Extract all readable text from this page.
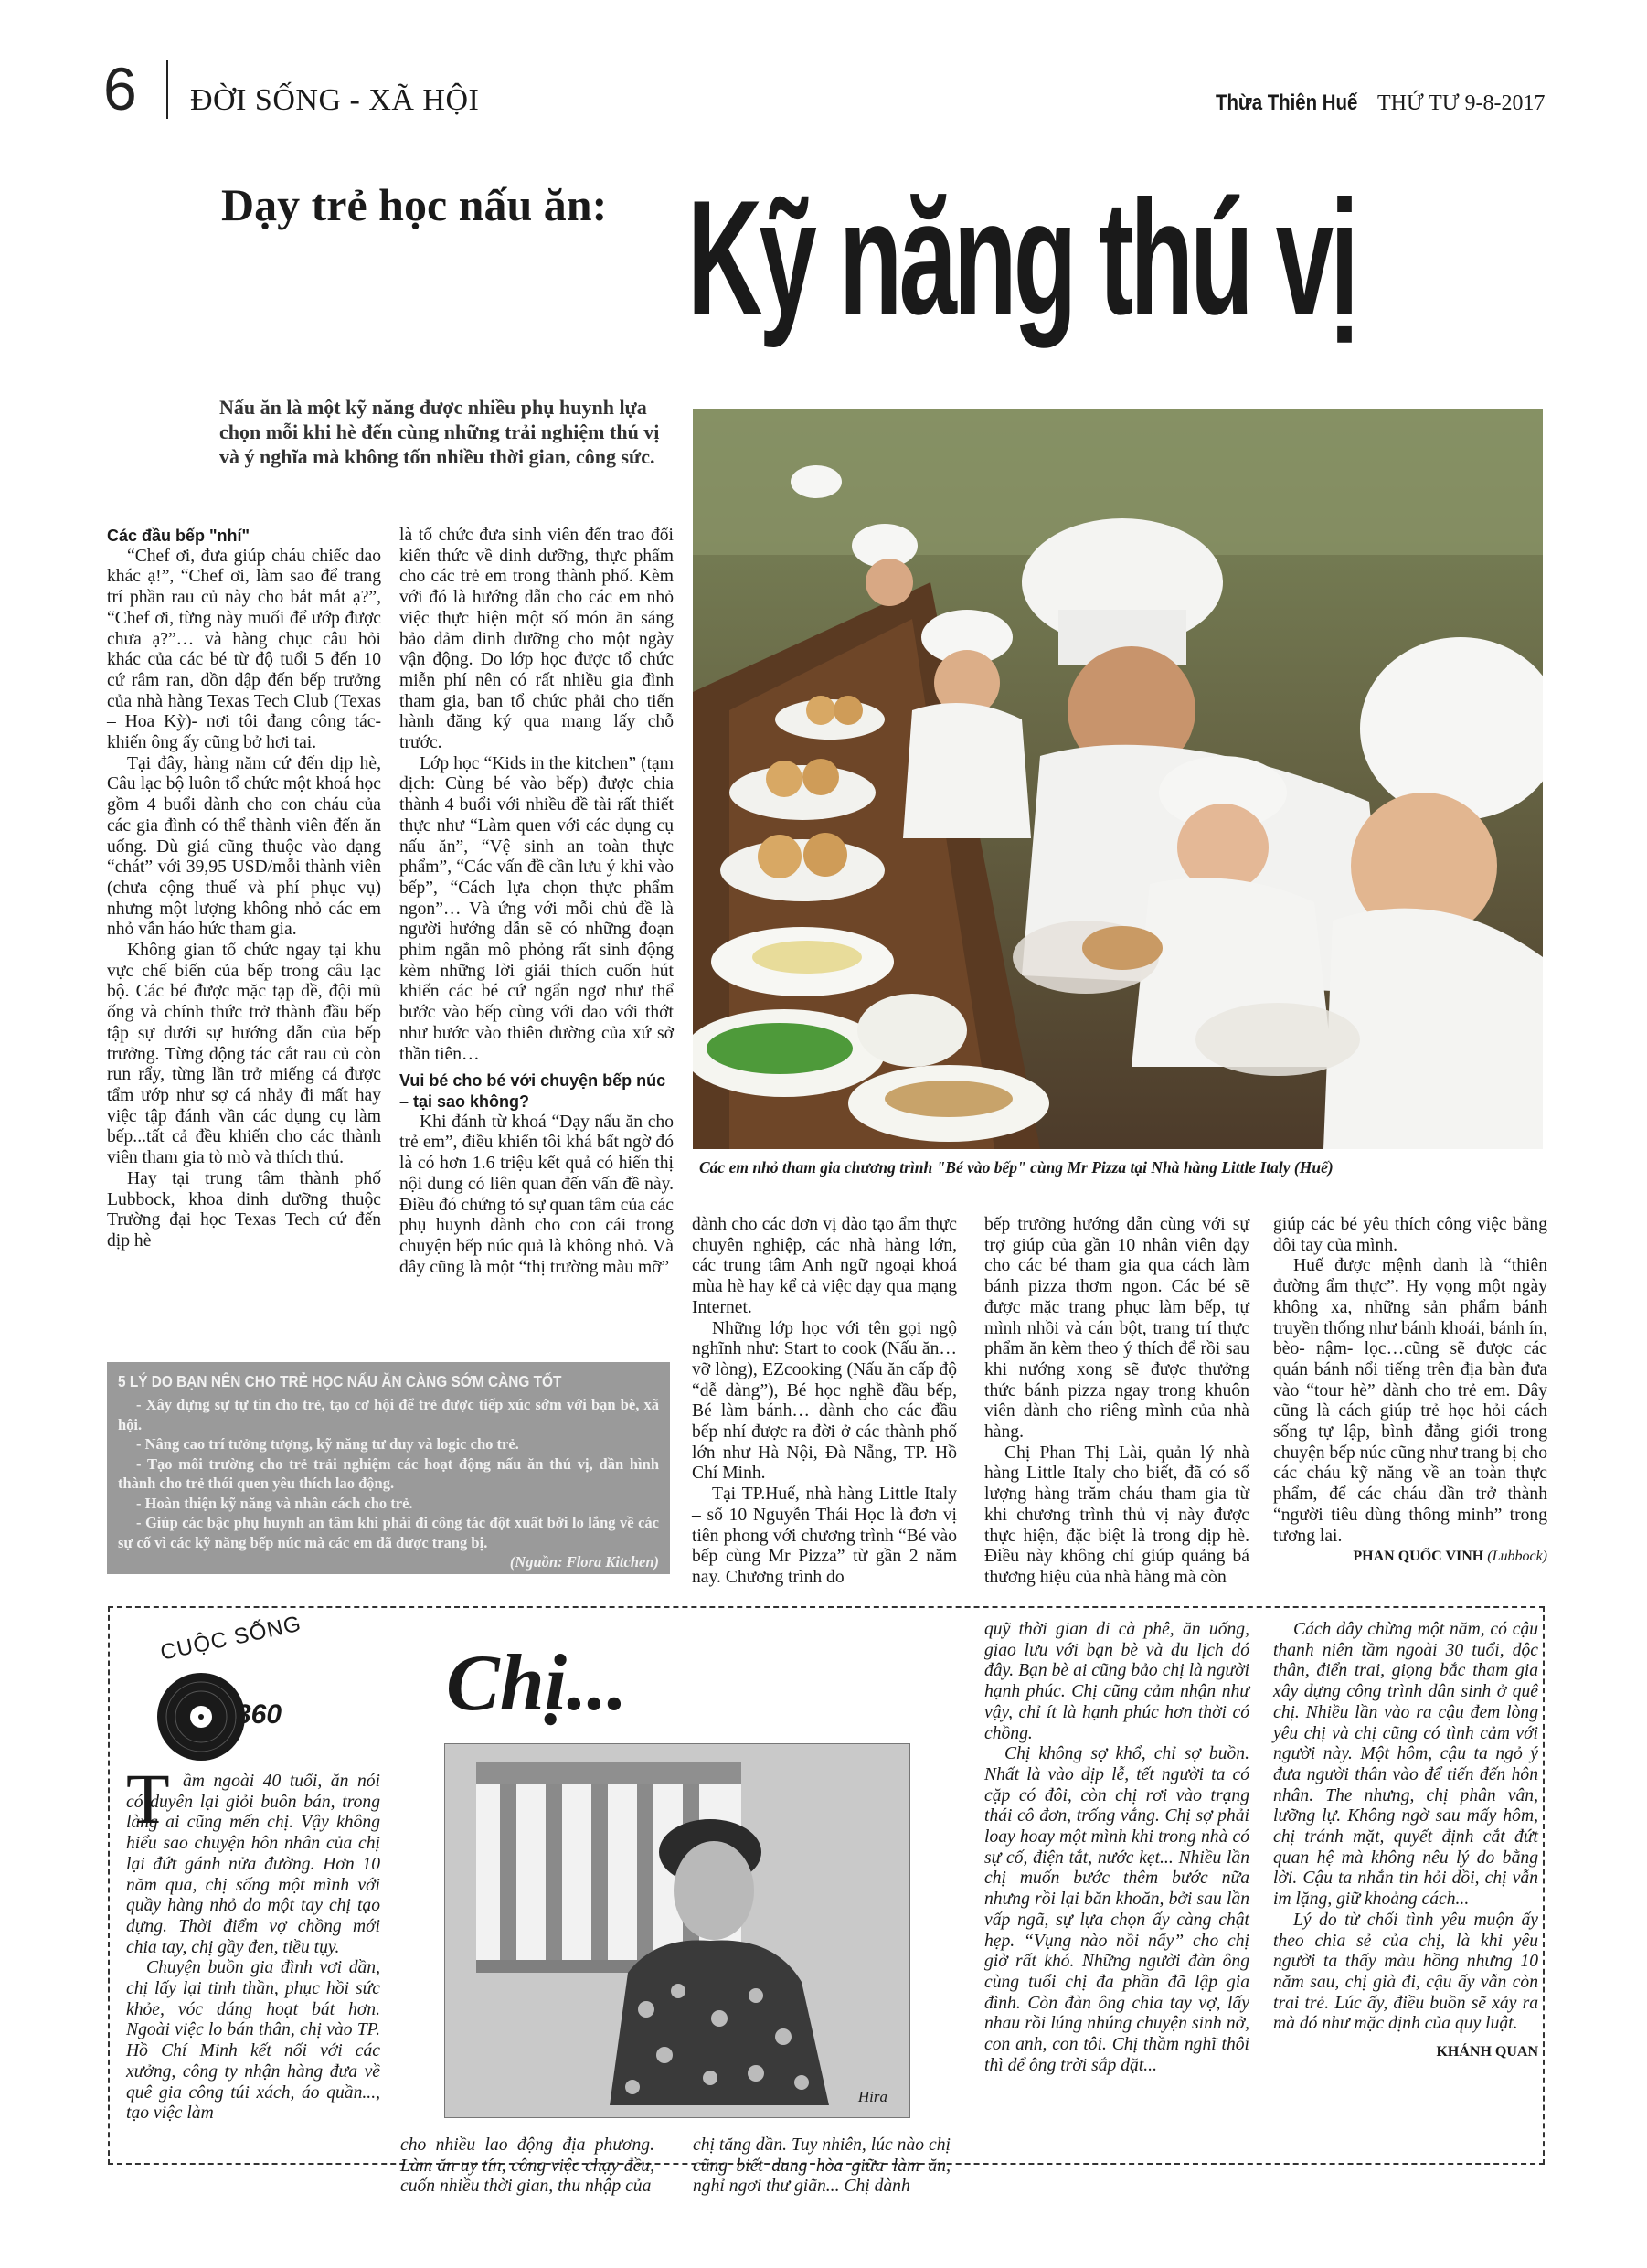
6 ĐỜI SỐNG - XÃ HỘI	Thừa Thiên Huế THỨ TƯ 9-8-2017
Dạy trẻ học nấu ăn: Kỹ năng thú vị
Nấu ăn là một kỹ năng được nhiều phụ huynh lựa chọn mỗi khi hè đến cùng những trải nghiệm thú vị và ý nghĩa mà không tốn nhiều thời gian, công sức.
Các em nhỏ tham gia chương trình "Bé vào bếp" cùng Mr Pizza tại Nhà hàng Little Italy (Huế)
Các đầu bếp "nhí"

“Chef ơi, đưa giúp cháu chiếc dao khác ạ!”, “Chef ơi, làm sao để trang trí phần rau củ này cho bắt mắt ạ?”, “Chef ơi, từng này muối để ướp được chưa ạ?”… và hàng chục câu hỏi khác của các bé từ độ tuổi 5 đến 10 cứ râm ran, dồn dập đến bếp trưởng của nhà hàng Texas Tech Club (Texas – Hoa Kỳ)- nơi tôi đang công tác- khiến ông ấy cũng bở hơi tai.

Tại đây, hàng năm cứ đến dịp hè, Câu lạc bộ luôn tổ chức một khoá học gồm 4 buổi dành cho con cháu của các gia đình có thể thành viên đến ăn uống. Dù giá cũng thuộc vào dạng “chát” với 39,95 USD/mỗi thành viên (chưa cộng thuế và phí phục vụ) nhưng một lượng không nhỏ các em nhỏ vẫn háo hức tham gia.

Không gian tổ chức ngay tại khu vực chế biến của bếp trong câu lạc bộ. Các bé được mặc tạp dề, đội mũ ống và chính thức trở thành đầu bếp tập sự dưới sự hướng dẫn của bếp trưởng. Từng động tác cắt rau củ còn run rẩy, từng lần trở miếng cá được tẩm ướp như sợ cá nhảy đi mất hay việc tập đánh vần các dụng cụ làm bếp...tất cả đều khiến cho các thành viên tham gia tò mò và thích thú.

Hay tại trung tâm thành phố Lubbock, khoa dinh dưỡng thuộc Trường đại học Texas Tech cứ đến dịp hè

là tổ chức đưa sinh viên đến trao đổi kiến thức về dinh dưỡng, thực phẩm cho các trẻ em trong thành phố. Kèm với đó là hướng dẫn cho các em nhỏ việc thực hiện một số món ăn sáng bảo đảm dinh dưỡng cho một ngày vận động. Do lớp học được tổ chức miễn phí nên có rất nhiều gia đình tham gia, ban tổ chức phải cho tiến hành đăng ký qua mạng lấy chỗ trước.

Lớp học “Kids in the kitchen” (tạm dịch: Cùng bé vào bếp) được chia thành 4 buổi với nhiều đề tài rất thiết thực như “Làm quen với các dụng cụ nấu ăn”, “Vệ sinh an toàn thực phẩm”, “Các vấn đề cần lưu ý khi vào bếp”, “Cách lựa chọn thực phẩm ngon”… Và ứng với mỗi chủ đề là người hướng dẫn sẽ có những đoạn phim ngắn mô phỏng rất sinh động kèm những lời giải thích cuốn hút khiến các bé cứ ngẩn ngơ như thể bước vào bếp cùng với dao với thớt như bước vào thiên đường của xứ sở thần tiên…

Vui bé cho bé với chuyện bếp núc – tại sao không?

Khi đánh từ khoá “Dạy nấu ăn cho trẻ em”, điều khiến tôi khá bất ngờ đó là có hơn 1.6 triệu kết quả có hiển thị nội dung có liên quan đến vấn đề này. Điều đó chứng tỏ sự quan tâm của các phụ huynh dành cho con cái trong chuyện bếp núc quả là không nhỏ. Và đây cũng là một “thị trường màu mỡ”

dành cho các đơn vị đào tạo ẩm thực chuyên nghiệp, các nhà hàng lớn, các trung tâm Anh ngữ ngoại khoá mùa hè hay kể cả việc dạy qua mạng Internet.

Những lớp học với tên gọi ngộ nghĩnh như: Start to cook (Nấu ăn…vỡ lòng), EZcooking (Nấu ăn cấp độ “dễ dàng”), Bé học nghề đầu bếp, Bé làm bánh… dành cho các đầu bếp nhí được ra đời ở các thành phố lớn như Hà Nội, Đà Nẵng, TP. Hồ Chí Minh.

Tại TP.Huế, nhà hàng Little Italy – số 10 Nguyễn Thái Học là đơn vị tiên phong với chương trình “Bé vào bếp cùng Mr Pizza” từ gần 2 năm nay. Chương trình do

bếp trưởng hướng dẫn cùng với sự trợ giúp của gần 10 nhân viên dạy cho các bé tham gia qua cách làm bánh pizza thơm ngon. Các bé sẽ được mặc trang phục làm bếp, tự mình nhồi và cán bột, trang trí thực phẩm ăn kèm theo ý thích để rồi sau khi nướng xong sẽ được thưởng thức bánh pizza ngay trong khuôn viên dành cho riêng mình của nhà hàng.

Chị Phan Thị Lài, quản lý nhà hàng Little Italy cho biết, đã có số lượng hàng trăm cháu tham gia từ khi chương trình thủ vị này được thực hiện, đặc biệt là trong dịp hè. Điều này không chỉ giúp quảng bá thương hiệu của nhà hàng mà còn

giúp các bé yêu thích công việc bằng đôi tay của mình.

Huế được mệnh danh là “thiên đường ẩm thực”. Hy vọng một ngày không xa, những sản phẩm bánh truyền thống như bánh khoái, bánh ín, bèo- nậm- lọc…cũng sẽ được các quán bánh nổi tiếng trên địa bàn đưa vào “tour hè” dành cho trẻ em. Đây cũng là cách giúp trẻ học hỏi cách sống tự lập, bình đẳng giới trong chuyện bếp núc cũng như trang bị cho các cháu kỹ năng về an toàn thực phẩm, để các cháu dần trở thành “người tiêu dùng thông minh” trong tương lai.

PHAN QUỐC VINH (Lubbock)
5 LÝ DO BẠN NÊN CHO TRẺ HỌC NẤU ĂN CÀNG SỚM CÀNG TỐT
- Xây dựng sự tự tin cho trẻ, tạo cơ hội để trẻ được tiếp xúc sớm với bạn bè, xã hội.
- Nâng cao trí tưởng tượng, kỹ năng tư duy và logic cho trẻ.
- Tạo môi trường cho trẻ trải nghiệm các hoạt động nấu ăn thú vị, dần hình thành cho trẻ thói quen yêu thích lao động.
- Hoàn thiện kỹ năng và nhân cách cho trẻ.
- Giúp các bậc phụ huynh an tâm khi phải đi công tác đột xuất bởi lo lắng về các sự cố vì các kỹ năng bếp núc mà các em đã được trang bị.
(Nguồn: Flora Kitchen)
CUỘC SỐNG
360 Chị...
Hira
T ầm ngoài 40 tuổi, ăn nói có duyên lại giỏi buôn bán, trong làng ai cũng mến chị. Vậy không hiểu sao chuyện hôn nhân của chị lại đứt gánh nửa đường. Hơn 10 năm qua, chị sống một mình với quầy hàng nhỏ do một tay chị tạo dựng. Thời điểm vợ chồng mới chia tay, chị gầy đen, tiều tụy.

Chuyện buồn gia đình vơi dần, chị lấy lại tinh thần, phục hồi sức khỏe, vóc dáng hoạt bát hơn. Ngoài việc lo bán thân, chị vào TP. Hồ Chí Minh kết nối với các xưởng, công ty nhận hàng đưa về quê gia công túi xách, áo quần..., tạo việc làm

cho nhiều lao động địa phương. Làm ăn uy tín, công việc chạy đều, cuốn nhiều thời gian, thu nhập của

chị tăng dần. Tuy nhiên, lúc nào chị cũng biết dung hòa giữa làm ăn, nghỉ ngơi thư giãn... Chị dành

quỹ thời gian đi cà phê, ăn uống, giao lưu với bạn bè và du lịch đó đây. Bạn bè ai cũng bảo chị là người hạnh phúc. Chị cũng cảm nhận như vậy, chỉ ít là hạnh phúc hơn thời có chồng.

Chị không sợ khổ, chỉ sợ buồn. Nhất là vào dịp lễ, tết người ta có cặp có đôi, còn chị rơi vào trạng thái cô đơn, trống vắng. Chị sợ phải loay hoay một mình khi trong nhà có sự cố, điện tắt, nước kẹt... Nhiều lần chị muốn bước thêm bước nữa nhưng rồi lại băn khoăn, bởi sau lần vấp ngã, sự lựa chọn ấy càng chật hẹp. “Vụng nào nồi nấy” cho chị giờ rất khó. Những người đàn ông cùng tuổi chị đa phần đã lập gia đình. Còn đàn ông chia tay vợ, lấy nhau rồi lúng nhúng chuyện sinh nở, con anh, con tôi. Chị thầm nghĩ thôi thì để ông trời sắp đặt...

Cách đây chừng một năm, có cậu thanh niên tầm ngoài 30 tuổi, độc thân, điển trai, giọng bắc tham gia xây dựng công trình dân sinh ở quê chị. Nhiều lần vào ra cậu đem lòng yêu chị và chị cũng có tình cảm với người này. Một hôm, cậu ta ngỏ ý đưa người thân vào để tiến đến hôn nhân. The nhưng, chị phân vân, lưỡng lự. Không ngờ sau mấy hôm, chị tránh mặt, quyết định cắt đứt quan hệ mà không nêu lý do bằng lời. Cậu ta nhắn tin hỏi dồi, chị vẫn im lặng, giữ khoảng cách...

Lý do từ chối tình yêu muộn ấy theo chia sẻ của chị, là khi yêu người ta thấy màu hồng nhưng 10 năm sau, chị già đi, cậu ấy vẫn còn trai trẻ. Lúc ấy, điều buồn sẽ xảy ra mà đó như mặc định của quy luật.

KHÁNH QUAN
